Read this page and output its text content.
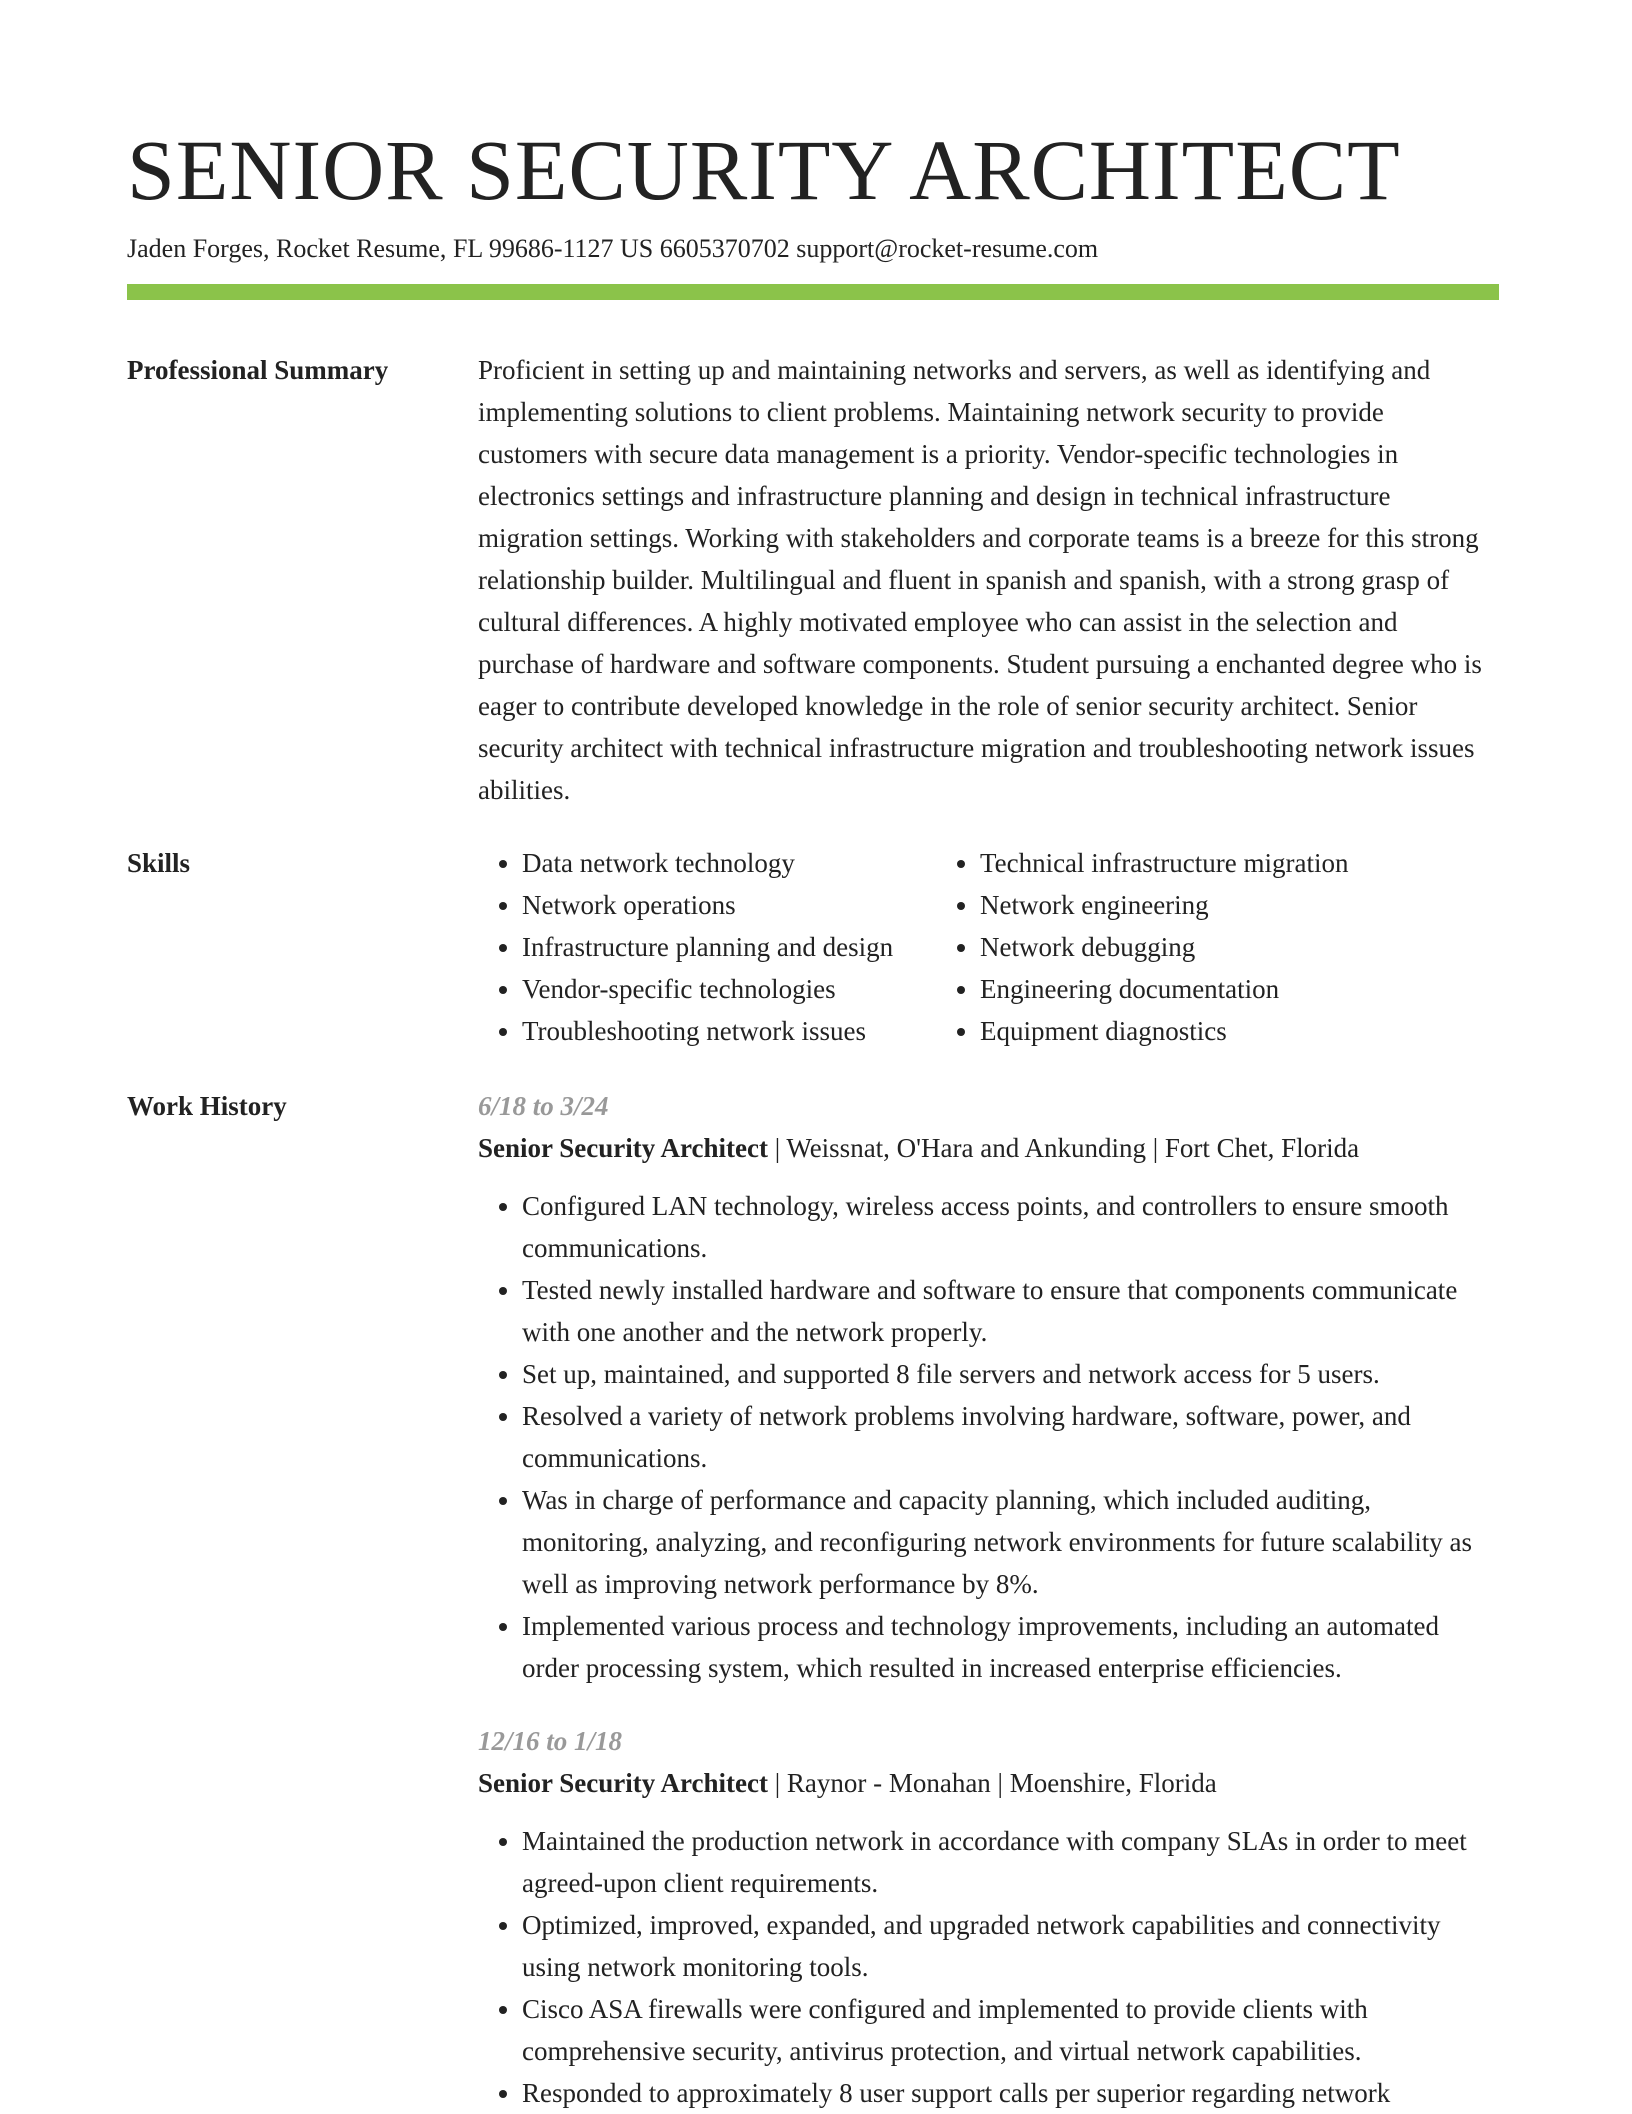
SENIOR SECURITY ARCHITECT
Jaden Forges, Rocket Resume, FL 99686-1127 US 6605370702 support@rocket-resume.com
Professional Summary	Proficient in setting up and maintaining networks and servers, as well as identifying and implementing solutions to client problems. Maintaining network security to provide customers with secure data management is a priority. Vendor-specific technologies in electronics settings and infrastructure planning and design in technical infrastructure migration settings. Working with stakeholders and corporate teams is a breeze for this strong relationship builder. Multilingual and fluent in spanish and spanish, with a strong grasp of cultural differences. A highly motivated employee who can assist in the selection and purchase of hardware and software components. Student pursuing a enchanted degree who is eager to contribute developed knowledge in the role of senior security architect. Senior security architect with technical infrastructure migration and troubleshooting network issues abilities.

Skills
•	Data network technology
• Network operations
• Infrastructure planning and design
• Vendor-specific technologies
• Troubleshooting network issues
• Technical infrastructure migration
• Network engineering
• Network debugging
• Engineering documentation
• Equipment diagnostics
Work History	6/18 to 3/24
Senior Security Architect | Weissnat, O'Hara and Ankunding | Fort Chet, Florida
• Configured LAN technology, wireless access points, and controllers to ensure smooth communications.
• Tested newly installed hardware and software to ensure that components communicate with one another and the network properly.
• Set up, maintained, and supported 8 file servers and network access for 5 users.
• Resolved a variety of network problems involving hardware, software, power, and communications.
• Was in charge of performance and capacity planning, which included auditing, monitoring, analyzing, and reconfiguring network environments for future scalability as well as improving network performance by 8%.
• Implemented various process and technology improvements, including an automated order processing system, which resulted in increased enterprise efficiencies.
12/16 to 1/18
Senior Security Architect | Raynor - Monahan | Moenshire, Florida
• Maintained the production network in accordance with company SLAs in order to meet agreed-upon client requirements.
• Optimized, improved, expanded, and upgraded network capabilities and connectivity using network monitoring tools.
• Cisco ASA firewalls were configured and implemented to provide clients with comprehensive security, antivirus protection, and virtual network capabilities.
• Responded to approximately 8 user support calls per superior regarding network
